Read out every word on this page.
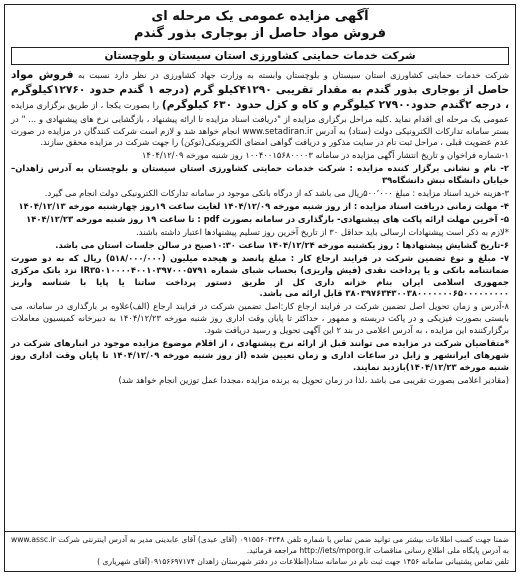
آگهی مزایده عمومی یک مرحله ای
فروش مواد حاصل از بوجاری بذور گندم
شرکت خدمات حمایتی کشاورزی استان سیستان و بلوچستان
شرکت خدمات حمایتی کشاورزی استان سیستان و بلوچستان وابسته به وزارت جهاد کشاورزی در نظر دارد نسبت به فروش مواد حاصل از بوجاری بذور گندم به مقدار تقریبی ۴۱۲۹۰کیلو گرم (درجه ۱ گندم حدود ۱۲۷۶۰کیلوگرم ، درجه ۲گندم حدود۲۷۹۰۰ کیلوگرم و کاه و کزل حدود ۶۳۰ کیلوگرم) را بصورت یکجا ، از طریق برگزاری مزایده عمومی یک مرحله ای اقدام نماید .کلیه مراحل برگزاری مزایده از "دریافت اسناد مزایده تا ارائه پیشنهاد ، بازگشایی نرخ های پیشنهادی و ... " در بستر سامانه تدارکات الکترونیکی دولت (ستاد) به آدرس www.setadiran.ir انجام خواهد شد و لازم است شرکت کنندگان در مزایده در صورت عدم عضویت قبلی ، مراحل ثبت نام در سایت مذکور و دریافت گواهی امضای الکترونیکی(توکن) را جهت شرکت در مزایده محقق سازند.
۱-شماره فراخوان و تاریخ انتشار آگهی مزایده در سامانه ۱۰۰۴۰۰۱۵۶۸۰۰۰۰۳ روز شنبه مورخه ۱۴۰۴/۱۲/۰۹
۲- نام و نشانی برگزار کننده مزایده : شرکت خدمات حمایتی کشاورزی استان سیستان و بلوچستان به آدرس زاهدان– خیابان دانشگاه نبش دانشگاه۳۹
۳-هزینه خرید اسناد مزایده : مبلغ ۵۰۰٬۰۰۰ریال می باشد که از درگاه بانکی موجود در سامانه تدارکات الکترونیکی دولت انجام می گیرد.
۴- مهلت زمانی دریافت اسناد مزایده : از روز شنبه مورخه ۱۴۰۴/۱۲/۰۹ لغایت ساعت ۱۹روز چهارشنبه مورخه ۱۴۰۴/۱۲/۱۳
۵- آخرین مهلت ارائه پاکت های پیشنهادی- بارگذاری در سامانه بصورت pdf : تا ساعت ۱۹ روز شنبه مورخه ۱۴۰۴/۱۲/۲۳
*لازم به ذکر است پیشنهادات ارسالی باید حداقل ۳۰ از تاریخ آخرین روز تسلیم پیشنهادها اعتبار داشته باشند.
۶-تاریخ گشایش پیشنهادها : روز یکشنبه مورخه ۱۴۰۴/۱۲/۲۴ ساعت ۱۰:۳۰صبح در سالن جلسات استان می باشد.
۷- مبلغ و نوع تضمین شرکت در فرایند ارجاع کار : مبلغ پانصد و هیجده میلیون (۵۱۸/۰۰۰/۰۰۰) ریال که به دو صورت ضمانتنامه بانکی و یا پرداخت نقدی (فیش واریزی) بحساب شبای شماره IR۳۵۰۱۰۰۰۰۴۰۰۱۰۳۹۷۰۰۰۵۷۹۱ نزد بانک مرکزی جمهوری اسلامی ایران بنام خزانه داری کل از طریق دستور پرداخت ساتنا یا پایا با شناسه واریز ۳۸۰۳۹۷۶۳۴۳۰۰۳۸۰۰۰۰۰۰۰۶۵۰۰۰۰۰۰۰۰۰ قابل ارائه می باشد.
۸-آدرس و زمان تحویل اصل تضمین شرکت در فرایند ارجاع کار:اصل تضمین شرکت در فرایند ارجاع (الف)علاوه بر بارگذاری در سامانه، می بایستی بصورت فیزیکی و در پاکت دربسته و ممهور ، حداکثر تا پایان وقت اداری روز شنبه مورخه ۱۴۰۴/۱۲/۲۳ به دبیرخانه کمیسیون معاملات برگزارکننده این مزایده ، به آدرس اعلامی در بند ۲ این آگهی تحویل و رسید دریافت شود.
*متقاضیان شرکت در مزایده می توانند قبل از ارائه نرخ پیشنهادی ، از اقلام موضوع مزایده موجود در انبارهای شرکت در شهرهای ایرانشهر و زابل در ساعات اداری و زمان تعیین شده (از روز شنبه مورخه ۱۴۰۴/۱۲/۰۹ تا پایان وقت اداری روز شنبه مورخه ۱۴۰۴/۱۲/۲۳)بازدید نمایند.
(مقادیر اعلامی بصورت تقریبی می باشد ،لذا در زمان تحویل به برنده مزایده ،مجددا عمل توزین انجام خواهد شد)
ضمنا جهت کسب اطلاعات بیشتر می توانید ضمن تماس با شماره تلفن ۰۹۱۵۵۶۰۴۲۴۸ (آقای عبدی) آقای عابدینی مدیر به آدرس اینترنتی شرکت www.assc.ir به آدرس پایگاه ملی اطلاع رسانی مناقصات http://iets/mporg.ir مراجعه فرمائید.
تلفن تماس پشتیبانی سامانه ۱۴۵۶ جهت ثبت نام در سامانه ستاد(اطلاعات در دفتر شهرستان زاهدان ۰۹۱۵۶۶۹۷۱۷۴(آقای شهریاری )
